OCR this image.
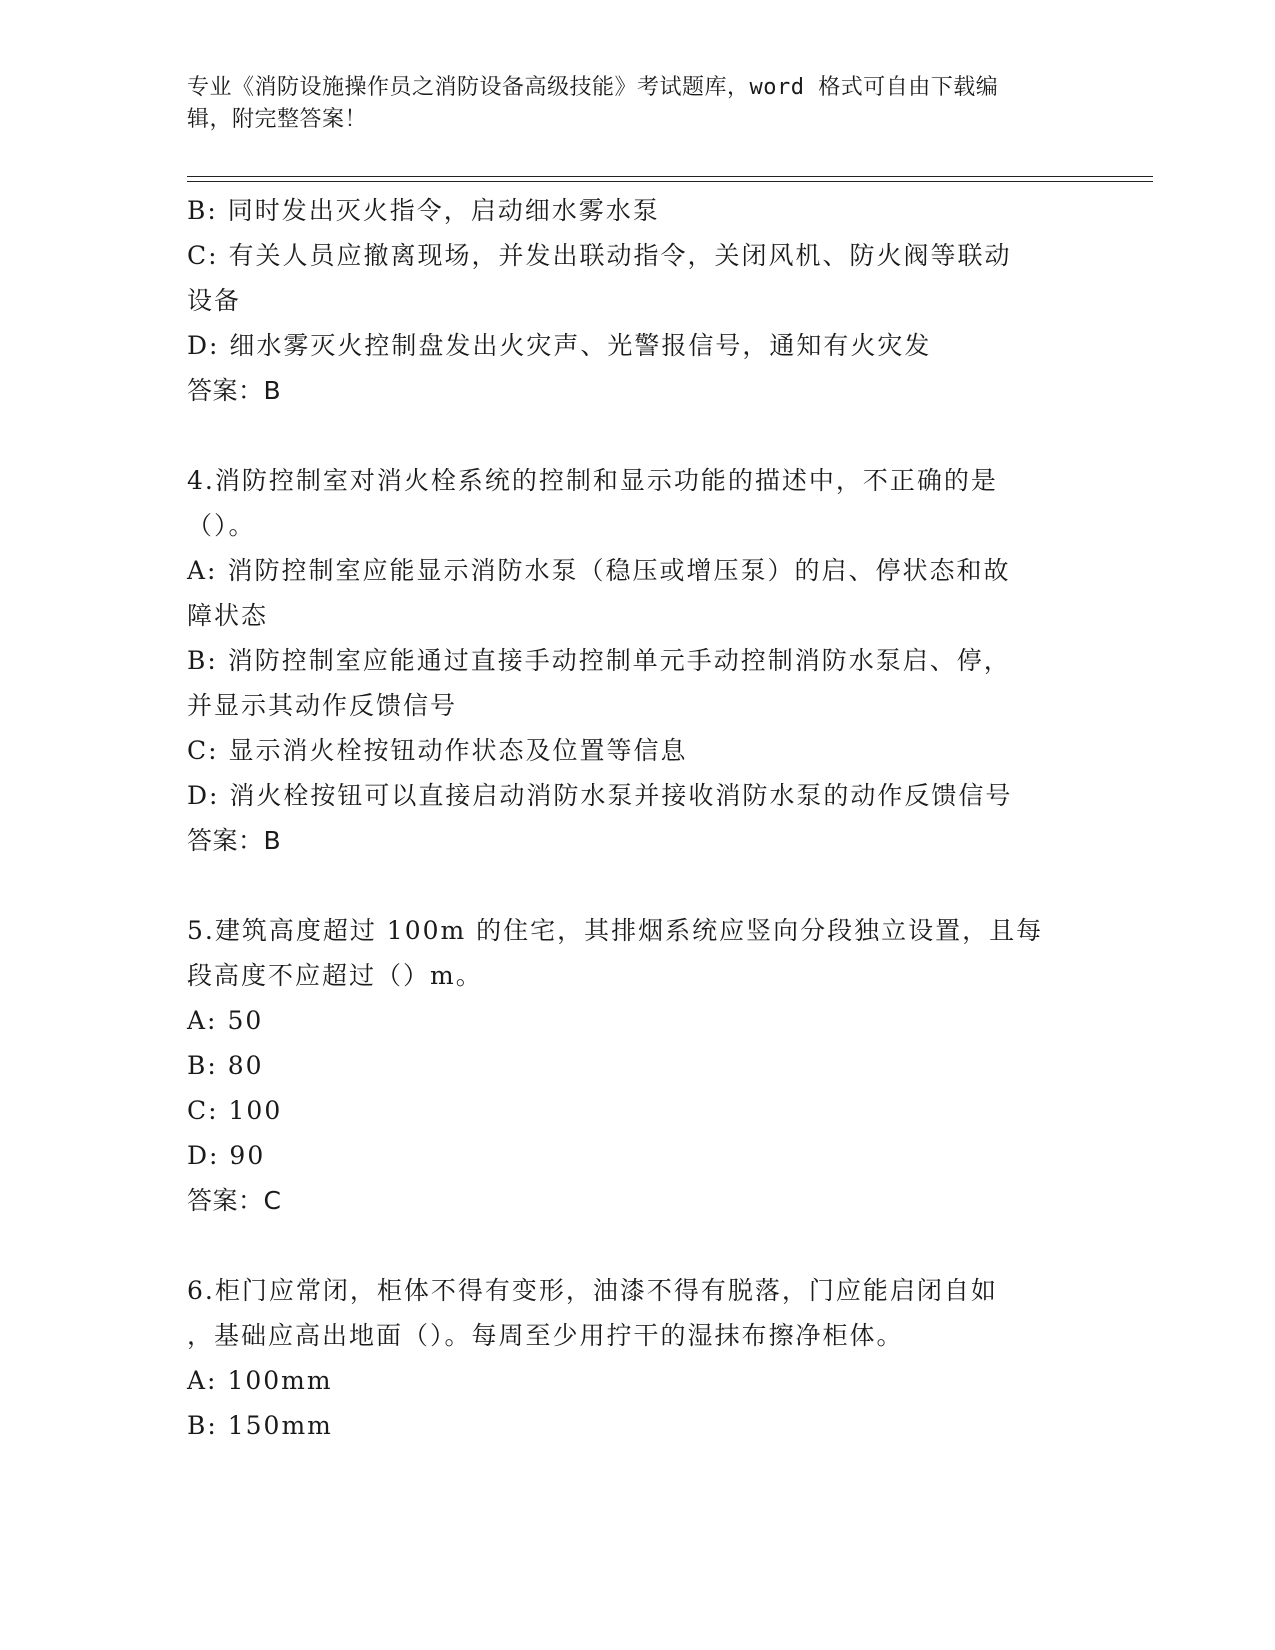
专业《消防设施操作员之消防设备高级技能》考试题库，word 格式可自由下载编
辑，附完整答案！
B: 同时发出灭火指令，启动细水雾水泵
C: 有关人员应撤离现场，并发出联动指令，关闭风机、防火阀等联动
设备
D: 细水雾灭火控制盘发出火灾声、光警报信号，通知有火灾发
答案：B
4.消防控制室对消火栓系统的控制和显示功能的描述中，不正确的是
（）。
A: 消防控制室应能显示消防水泵（稳压或增压泵）的启、停状态和故
障状态
B: 消防控制室应能通过直接手动控制单元手动控制消防水泵启、停，
并显示其动作反馈信号
C: 显示消火栓按钮动作状态及位置等信息
D: 消火栓按钮可以直接启动消防水泵并接收消防水泵的动作反馈信号
答案：B
5.建筑高度超过 100m 的住宅，其排烟系统应竖向分段独立设置，且每
段高度不应超过（）m。
A: 50
B: 80
C: 100
D: 90
答案：C
6.柜门应常闭，柜体不得有变形，油漆不得有脱落，门应能启闭自如
，基础应高出地面（）。每周至少用拧干的湿抹布擦净柜体。
A: 100mm
B: 150mm
